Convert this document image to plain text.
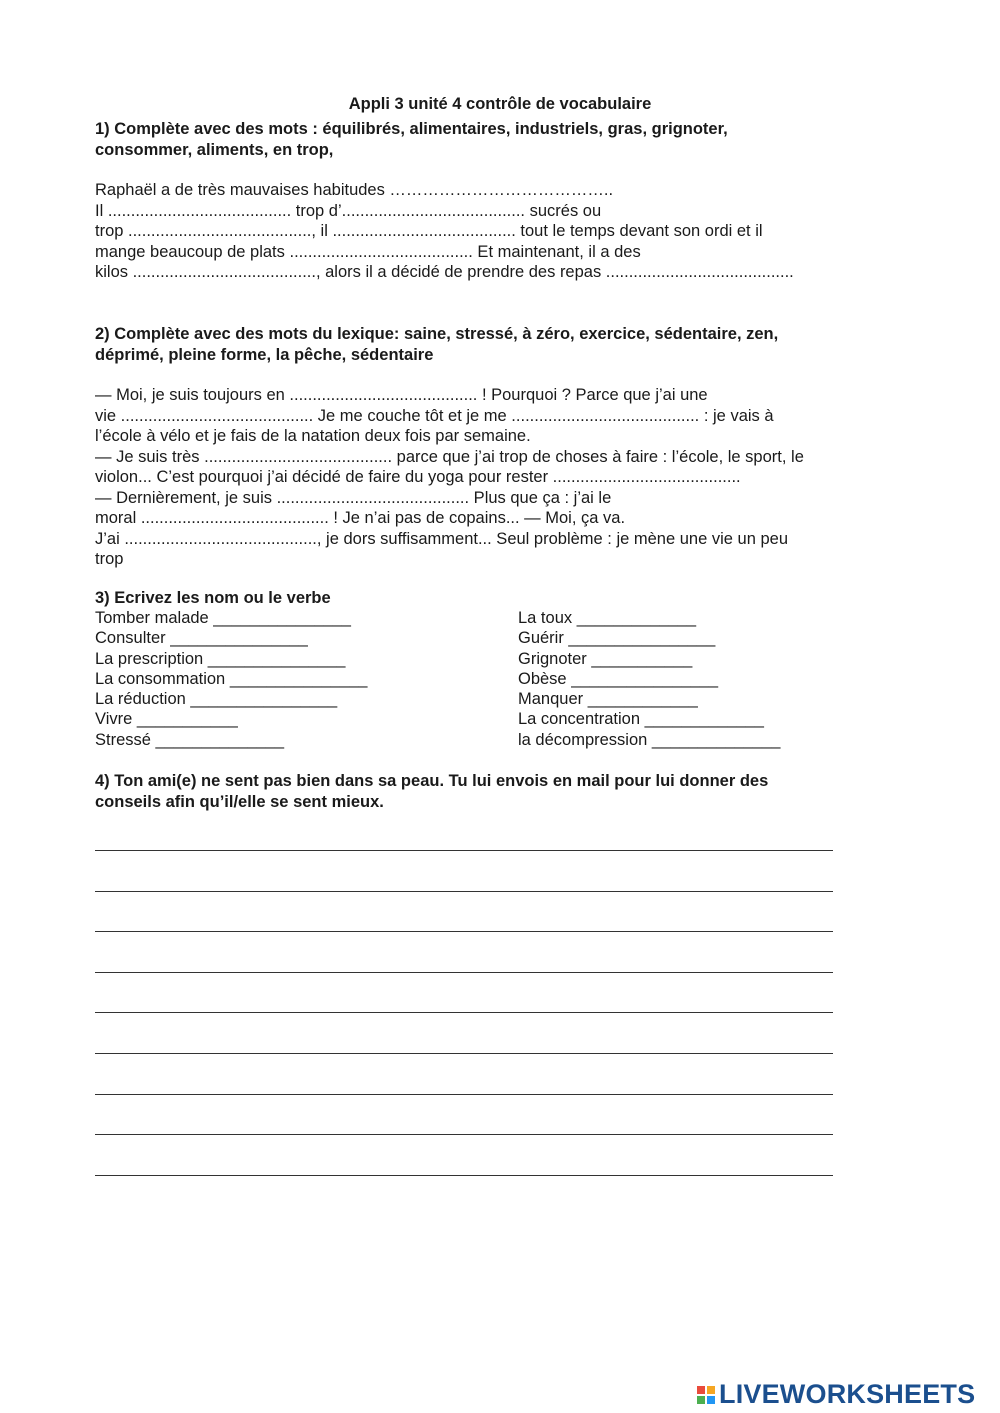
Appli 3 unité 4 contrôle de vocabulaire
1) Complète avec des mots : équilibrés, alimentaires, industriels, gras, grignoter,
consommer, aliments, en trop,
Raphaël a de très mauvaises habitudes …………………………………..
Il ........................................ trop d’........................................ sucrés ou
trop ........................................, il ........................................ tout le temps devant son ordi et il
mange beaucoup de plats ........................................ Et maintenant, il a des
kilos ........................................, alors il a décidé de prendre des repas .........................................
2) Complète avec des mots du lexique: saine, stressé, à zéro, exercice, sédentaire, zen,
déprimé, pleine forme, la pêche, sédentaire
— Moi, je suis toujours en ......................................... ! Pourquoi ? Parce que j’ai une
vie .......................................... Je me couche tôt et je me ......................................... : je vais à
l’école à vélo et je fais de la natation deux fois par semaine.
— Je suis très ......................................... parce que j’ai trop de choses à faire : l’école, le sport, le
violon... C’est pourquoi j’ai décidé de faire du yoga pour rester .........................................
— Dernièrement, je suis .......................................... Plus que ça : j’ai le
moral ......................................... ! Je n’ai pas de copains... — Moi, ça va.
J’ai .........................................., je dors suffisamment... Seul problème : je mène une vie un peu
trop
3) Ecrivez les nom ou le verbe
Tomber malade _______________
Consulter _______________
La prescription _______________
La consommation _______________
La réduction ________________
Vivre ___________
Stressé ______________
La toux _____________
Guérir ________________
Grignoter ___________
Obèse ________________
Manquer ____________
La concentration _____________
la décompression ______________
4) Ton ami(e) ne sent pas bien dans sa peau. Tu lui envois en mail pour lui donner des
conseils afin qu’il/elle se sent mieux.
LIVEWORKSHEETS
